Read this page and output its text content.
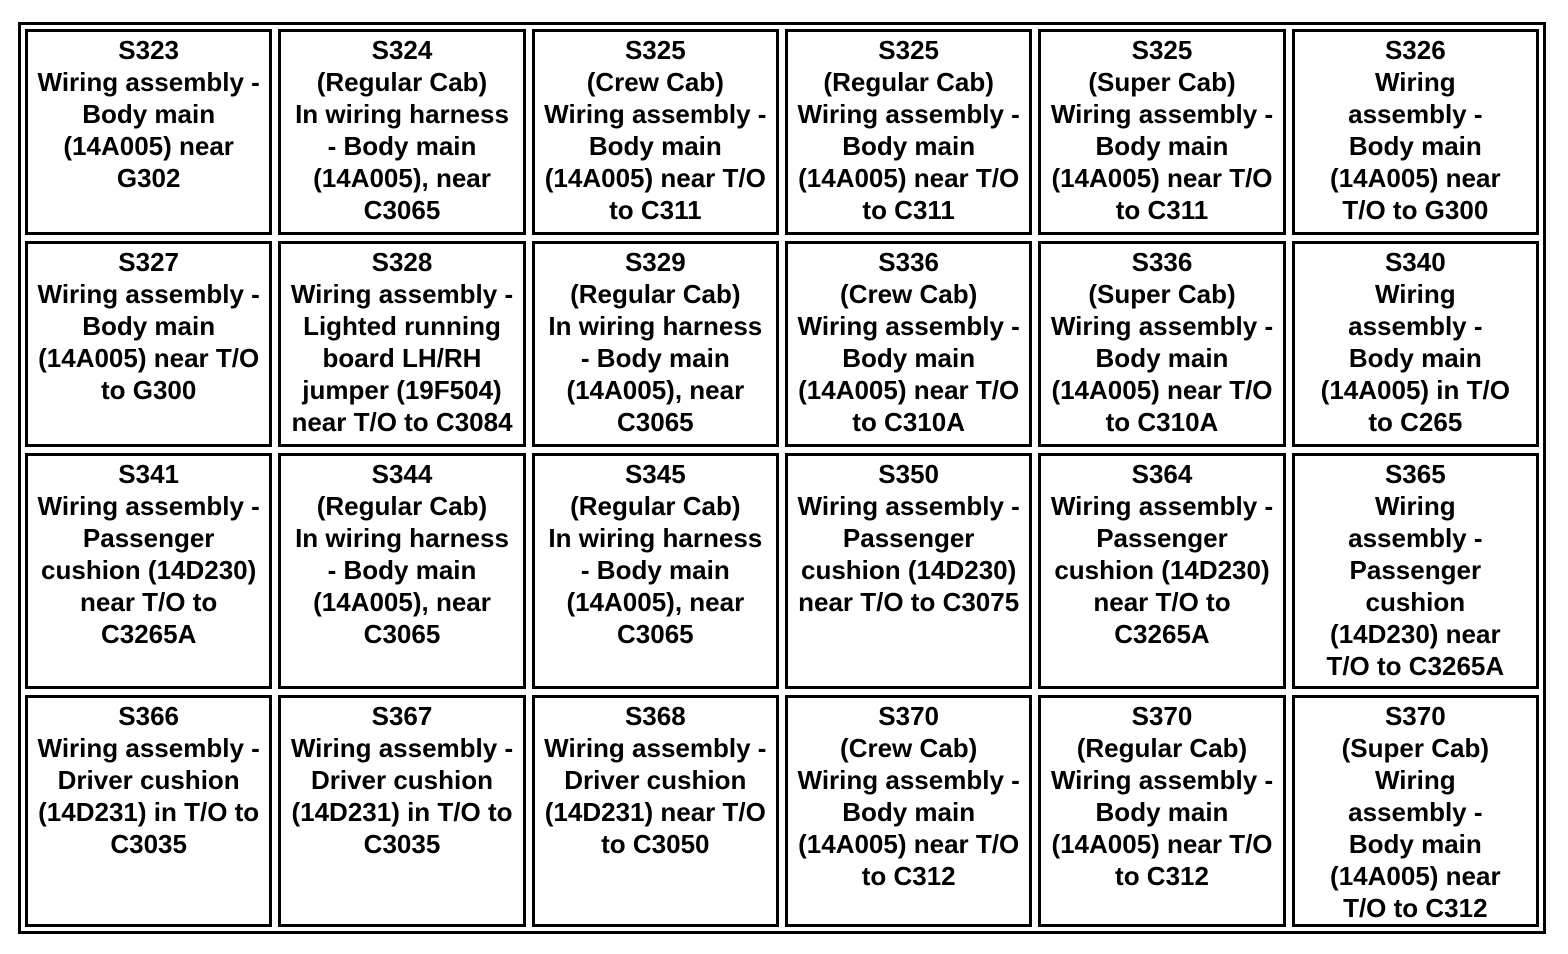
S323
Wiring assembly -
Body main
(14A005) near
G302
S324
(Regular Cab)
In wiring harness
- Body main
(14A005), near
C3065
S325
(Crew Cab)
Wiring assembly -
Body main
(14A005) near T/O
to C311
S325
(Regular Cab)
Wiring assembly -
Body main
(14A005) near T/O
to C311
S325
(Super Cab)
Wiring assembly -
Body main
(14A005) near T/O
to C311
S326
Wiring
assembly -
Body main
(14A005) near
T/O to G300
S327
Wiring assembly -
Body main
(14A005) near T/O
to G300
S328
Wiring assembly -
Lighted running
board LH/RH
jumper (19F504)
near T/O to C3084
S329
(Regular Cab)
In wiring harness
- Body main
(14A005), near
C3065
S336
(Crew Cab)
Wiring assembly -
Body main
(14A005) near T/O
to C310A
S336
(Super Cab)
Wiring assembly -
Body main
(14A005) near T/O
to C310A
S340
Wiring
assembly -
Body main
(14A005) in T/O
to C265
S341
Wiring assembly -
Passenger
cushion (14D230)
near T/O to
C3265A
S344
(Regular Cab)
In wiring harness
- Body main
(14A005), near
C3065
S345
(Regular Cab)
In wiring harness
- Body main
(14A005), near
C3065
S350
Wiring assembly -
Passenger
cushion (14D230)
near T/O to C3075
S364
Wiring assembly -
Passenger
cushion (14D230)
near T/O to
C3265A
S365
Wiring
assembly -
Passenger
cushion
(14D230) near
T/O to C3265A
S366
Wiring assembly -
Driver cushion
(14D231) in T/O to
C3035
S367
Wiring assembly -
Driver cushion
(14D231) in T/O to
C3035
S368
Wiring assembly -
Driver cushion
(14D231) near T/O
to C3050
S370
(Crew Cab)
Wiring assembly -
Body main
(14A005) near T/O
to C312
S370
(Regular Cab)
Wiring assembly -
Body main
(14A005) near T/O
to C312
S370
(Super Cab)
Wiring
assembly -
Body main
(14A005) near
T/O to C312
